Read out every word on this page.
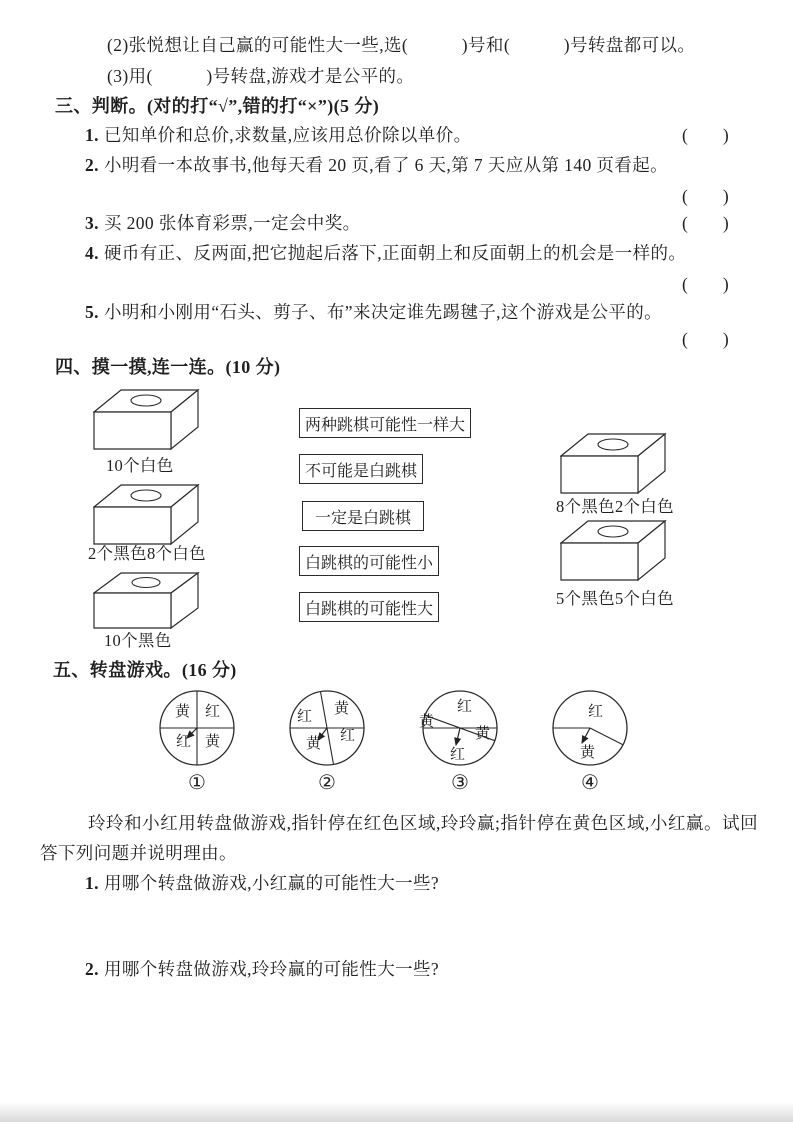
(2)张悦想让自己赢的可能性大一些,选(　　　)号和(　　　)号转盘都可以。
(3)用(　　　)号转盘,游戏才是公平的。
三、判断。(对的打“√”,错的打“×”)(5 分)
1. 已知单价和总价,求数量,应该用总价除以单价。	(　　)
2. 小明看一本故事书,他每天看 20 页,看了 6 天,第 7 天应从第 140 页看起。
(　　)
3. 买 200 张体育彩票,一定会中奖。	(　　)
4. 硬币有正、反两面,把它抛起后落下,正面朝上和反面朝上的机会是一样的。
(　　)
5. 小明和小刚用“石头、剪子、布”来决定谁先踢毽子,这个游戏是公平的。
(　　)
四、摸一摸,连一连。(10 分)
10个白色
2个黑色8个白色
10个黑色
两种跳棋可能性一样大
不可能是白跳棋
一定是白跳棋
白跳棋的可能性小
白跳棋的可能性大
8个黑色2个白色
5个黑色5个白色
五、转盘游戏。(16 分)
黄 红
红 黄
①
红 黄
黄 红
②
红
黄
黄
红
③
红
黄
④
玲玲和小红用转盘做游戏,指针停在红色区域,玲玲赢;指针停在黄色区域,小红赢。试回答下列问题并说明理由。
1. 用哪个转盘做游戏,小红赢的可能性大一些?
2. 用哪个转盘做游戏,玲玲赢的可能性大一些?
